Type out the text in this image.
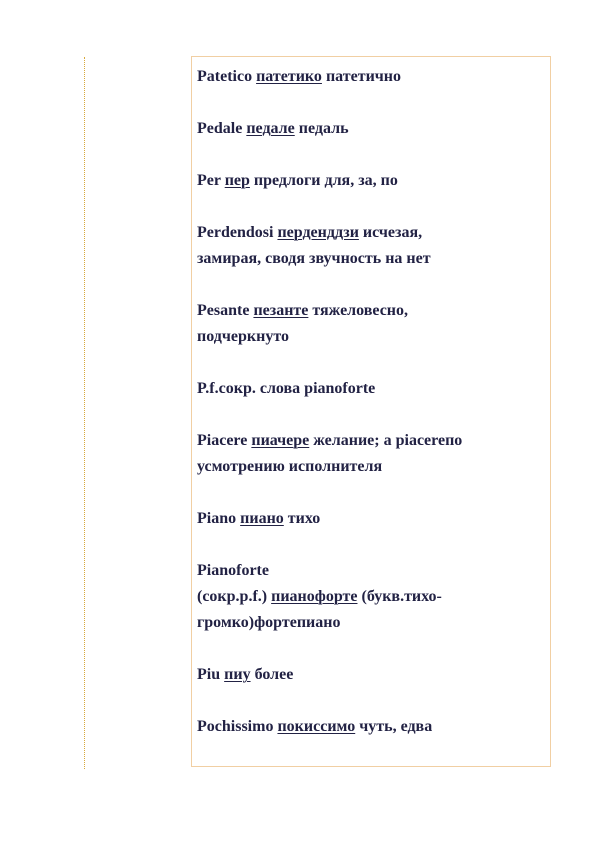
Patetico патетико патетично
Pedale педале педаль
Per пер предлоги для, за, по
Perdendosi перденддзи исчезая,
замирая, сводя звучность на нет
Pesante пезанте тяжеловесно,
подчеркнуто
P.f.сокр. слова pianoforte
Piacere пиачере желание; a piacereпо
усмотрению исполнителя
Piano пиано тихо
Pianoforte
(сокр.p.f.) пианофорте (букв.тихо-
громко)фортепиано
Piu пиу более
Pochissimo покиссимо чуть, едва
